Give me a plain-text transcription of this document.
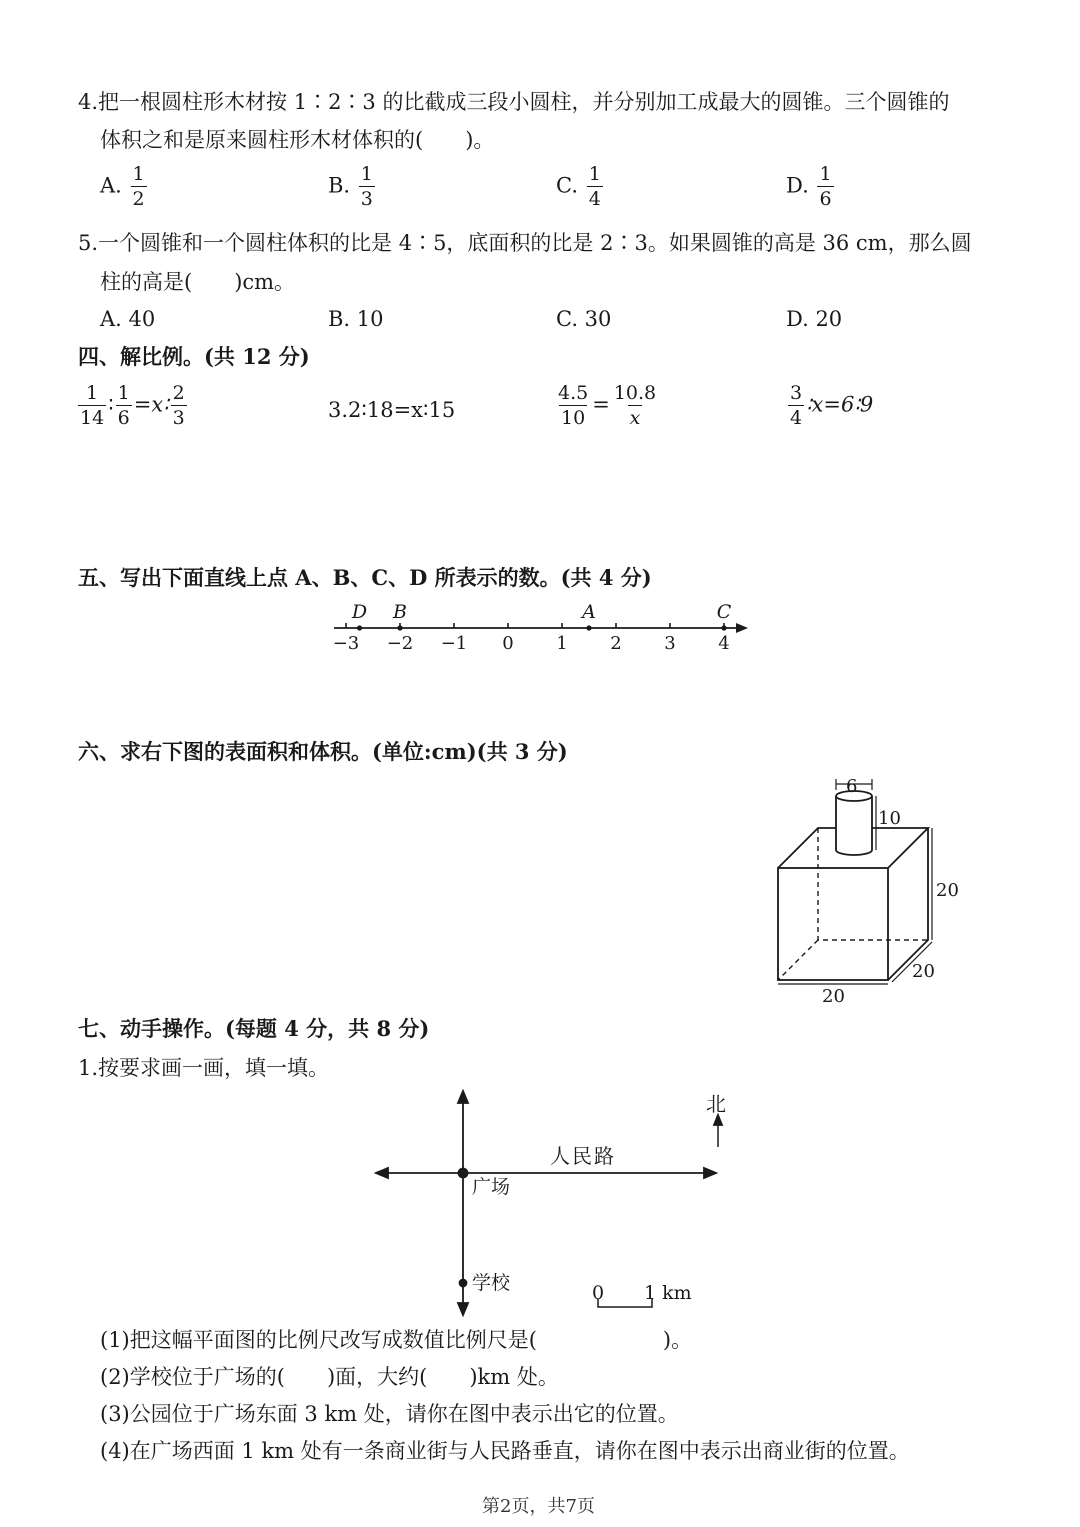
4.把一根圆柱形木材按 1∶2∶3 的比截成三段小圆柱，并分别加工成最大的圆锥。三个圆锥的
体积之和是原来圆柱形木材体积的(　　)。
A. $\frac{1}{2}$	B. $\frac{1}{3}$	C. $\frac{1}{4}$	D. $\frac{1}{6}$
5.一个圆锥和一个圆柱体积的比是 4∶5，底面积的比是 2∶3。如果圆锥的高是 36 cm，那么圆
柱的高是(　　)cm。
A. 40	B. 10	C. 30	D. 20
四、解比例。(共 12 分)
$\frac{1}{14}$ ∶ $\frac{1}{6}$ =x∶ $\frac{2}{3}$	3.2∶18=x∶15	$\frac{4.5}{10} = \frac{10.8}{x}$	$\frac{3}{4}$ ∶x=6∶9
五、写出下面直线上点 A、B、C、D 所表示的数。(共 4 分)
−3 −2 −1 0 1 2 3 4
D B	A	C
六、求右下图的表面积和体积。(单位:cm)(共 3 分)
6
10
20
20
20
七、动手操作。(每题 4 分，共 8 分)
1.按要求画一画，填一填。
北
人民路
广场
学校	0 1 km
(1)把这幅平面图的比例尺改写成数值比例尺是(　　　　　　)。
(2)学校位于广场的(　　)面，大约(　　)km 处。
(3)公园位于广场东面 3 km 处，请你在图中表示出它的位置。
(4)在广场西面 1 km 处有一条商业街与人民路垂直，请你在图中表示出商业街的位置。
第2页，共7页
